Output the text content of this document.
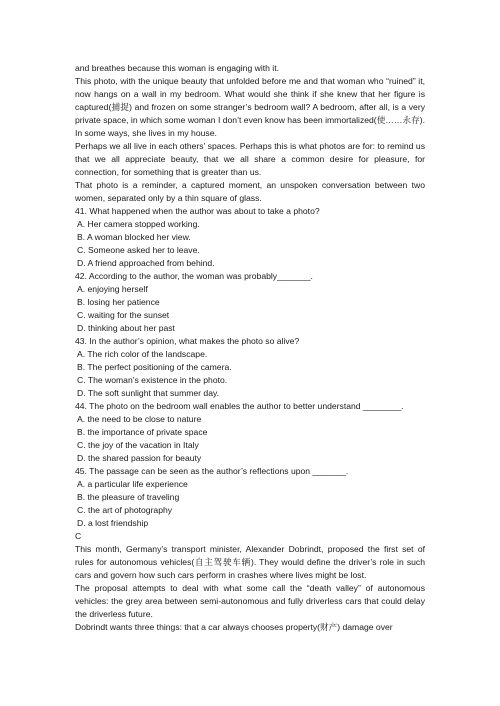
and breathes because this woman is engaging with it.

This photo, with the unique beauty that unfolded before me and that woman who “ruined” it, now hangs on a wall in my bedroom. What would she think if she knew that her figure is captured(捕捉) and frozen on some stranger’s bedroom wall? A bedroom, after all, is a very private space, in which some woman I don’t even know has been immortalized(使……永存). In some ways, she lives in my house.

Perhaps we all live in each others’ spaces. Perhaps this is what photos are for: to remind us that we all appreciate beauty, that we all share a common desire for pleasure, for connection, for something that is greater than us.

That photo is a reminder, a captured moment, an unspoken conversation between two women, separated only by a thin square of glass.

41. What happened when the author was about to take a photo?

A. Her camera stopped working.

B. A woman blocked her view.

C. Someone asked her to leave.

D. A friend approached from behind.

42. According to the author, the woman was probably_______.

A. enjoying herself

B. losing her patience

C. waiting for the sunset

D. thinking about her past

43. In the author’s opinion, what makes the photo so alive?

A. The rich color of the landscape.

B. The perfect positioning of the camera.

C. The woman’s existence in the photo.

D. The soft sunlight that summer day.

44. The photo on the bedroom wall enables the author to better understand ________.

A. the need to be close to nature

B. the importance of private space

C. the joy of the vacation in Italy

D. the shared passion for beauty

45. The passage can be seen as the author’s reflections upon _______.

A. a particular life experience

B. the pleasure of traveling

C. the art of photography

D. a lost friendship

C

This month, Germany’s transport minister, Alexander Dobrindt, proposed the first set of rules for autonomous vehicles(自主驾驶车辆). They would define the driver’s role in such cars and govern how such cars perform in crashes where lives might be lost.

The proposal attempts to deal with what some call the “death valley” of autonomous vehicles: the grey area between semi-autonomous and fully driverless cars that could delay the driverless future.

Dobrindt wants three things: that a car always chooses property(财产) damage over
